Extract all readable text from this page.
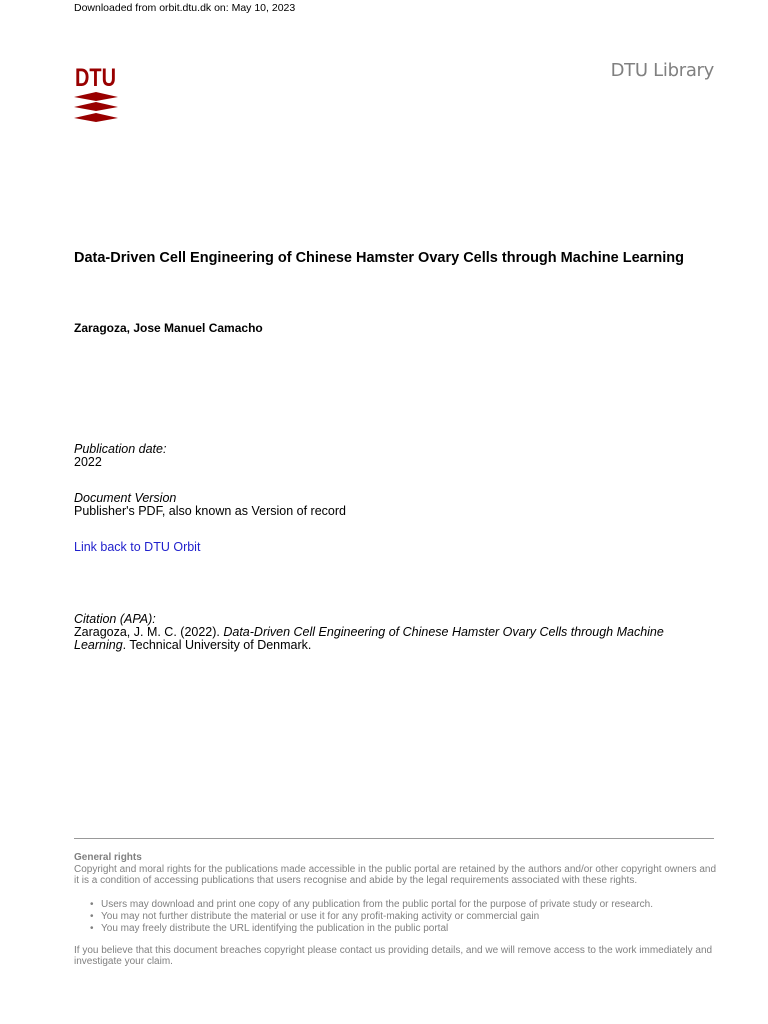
Downloaded from orbit.dtu.dk on: May 10, 2023
DTU	DTU Library
Data-Driven Cell Engineering of Chinese Hamster Ovary Cells through Machine Learning
Zaragoza, Jose Manuel Camacho
Publication date:
2022
Document Version
Publisher's PDF, also known as Version of record
Link back to DTU Orbit
Citation (APA):
Zaragoza, J. M. C. (2022). Data-Driven Cell Engineering of Chinese Hamster Ovary Cells through Machine Learning. Technical University of Denmark.
General rights
Copyright and moral rights for the publications made accessible in the public portal are retained by the authors and/or other copyright owners and it is a condition of accessing publications that users recognise and abide by the legal requirements associated with these rights.
• Users may download and print one copy of any publication from the public portal for the purpose of private study or research.
• You may not further distribute the material or use it for any profit-making activity or commercial gain
• You may freely distribute the URL identifying the publication in the public portal
If you believe that this document breaches copyright please contact us providing details, and we will remove access to the work immediately and investigate your claim.
